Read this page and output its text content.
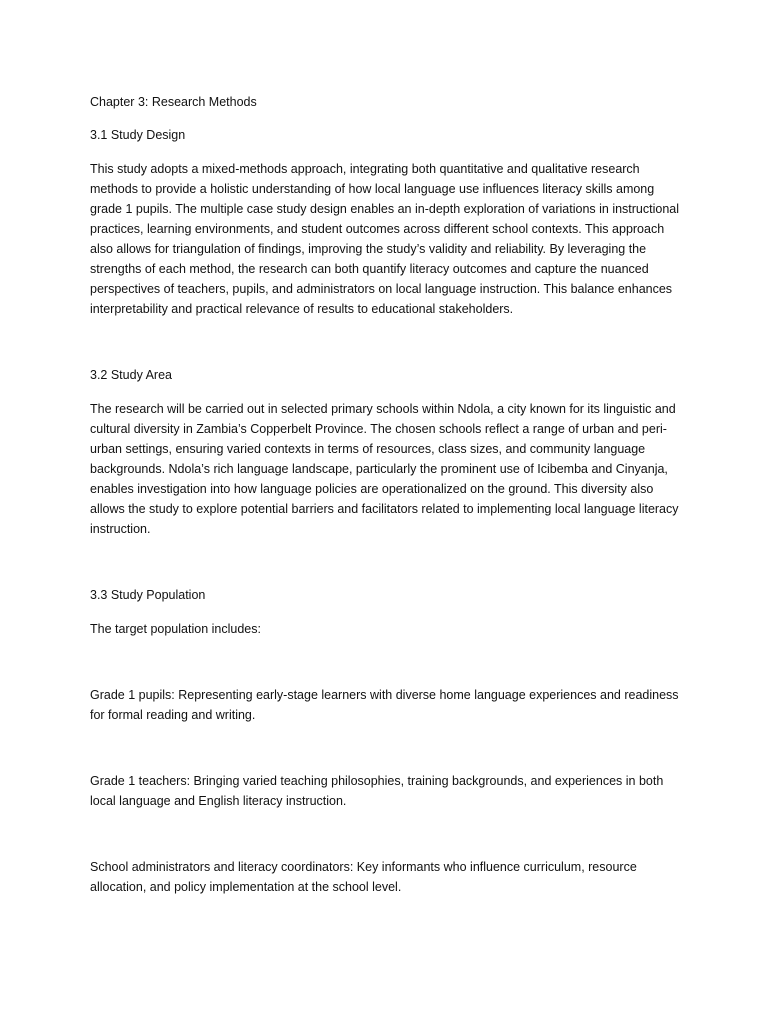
Chapter 3: Research Methods

3.1 Study Design

This study adopts a mixed-methods approach, integrating both quantitative and qualitative research methods to provide a holistic understanding of how local language use influences literacy skills among grade 1 pupils. The multiple case study design enables an in-depth exploration of variations in instructional practices, learning environments, and student outcomes across different school contexts. This approach also allows for triangulation of findings, improving the study’s validity and reliability. By leveraging the strengths of each method, the research can both quantify literacy outcomes and capture the nuanced perspectives of teachers, pupils, and administrators on local language instruction. This balance enhances interpretability and practical relevance of results to educational stakeholders.

3.2 Study Area

The research will be carried out in selected primary schools within Ndola, a city known for its linguistic and cultural diversity in Zambia’s Copperbelt Province. The chosen schools reflect a range of urban and peri-urban settings, ensuring varied contexts in terms of resources, class sizes, and community language backgrounds. Ndola’s rich language landscape, particularly the prominent use of Icibemba and Cinyanja, enables investigation into how language policies are operationalized on the ground. This diversity also allows the study to explore potential barriers and facilitators related to implementing local language literacy instruction.

3.3 Study Population

The target population includes:

Grade 1 pupils: Representing early-stage learners with diverse home language experiences and readiness for formal reading and writing.

Grade 1 teachers: Bringing varied teaching philosophies, training backgrounds, and experiences in both local language and English literacy instruction.

School administrators and literacy coordinators: Key informants who influence curriculum, resource allocation, and policy implementation at the school level.
